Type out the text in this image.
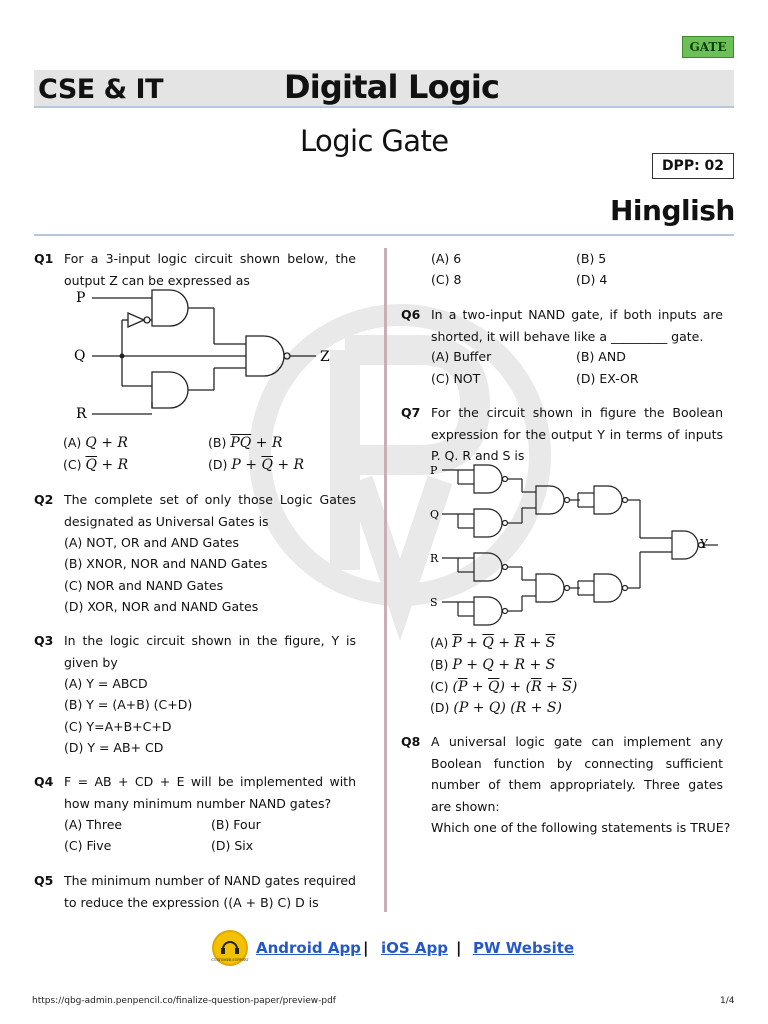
GATE
CSE & IT	Digital Logic
Logic Gate
DPP: 02
Hinglish
Q1 For a 3-input logic circuit shown below, the output Z can be expressed as
P
Q
R
Z
(A) Q + R	(B) $\overline{PQ} + R$
(C) $\overline{Q} + R$	(D) $P + \overline{Q} + R$
Q2 The complete set of only those Logic Gates designated as Universal Gates is
(A) NOT, OR and AND Gates
(B) XNOR, NOR and NAND Gates
(C) NOR and NAND Gates
(D) XOR, NOR and NAND Gates
Q3 In the logic circuit shown in the figure, Y is given by
(A) Y = ABCD
(B) Y = (A+B) (C+D)
(C) Y=A+B+C+D
(D) Y = AB+ CD
Q4 F = AB + CD + E will be implemented with how many minimum number NAND gates?
(A) Three	(B) Four
(C) Five	(D) Six
Q5 The minimum number of NAND gates required to reduce the expression ((A + B) C) D is
(A) 6	(B) 5
(C) 8	(D) 4
Q6 In a two-input NAND gate, if both inputs are shorted, it will behave like a _________ gate.
(A) Buffer	(B) AND
(C) NOT	(D) EX-OR
Q7 For the circuit shown in figure the Boolean expression for the output Y in terms of inputs P. Q. R and S is
P
Q
R
S
Y
(A) $\overline{P} + \overline{Q} + \overline{R} + \overline{S}$
(B) P + Q + R + S
(C) $(\overline{P} + \overline{Q}) + (\overline{R} + \overline{S})$
(D) (P + Q) (R + S)
Q8 A universal logic gate can implement any Boolean function by connecting sufficient number of them appropriately. Three gates are shown:
Which one of the following statements is TRUE?
CUSTOMER SUPPORT
Android App | iOS App | PW Website
https://qbg-admin.penpencil.co/finalize-question-paper/preview-pdf	1/4
